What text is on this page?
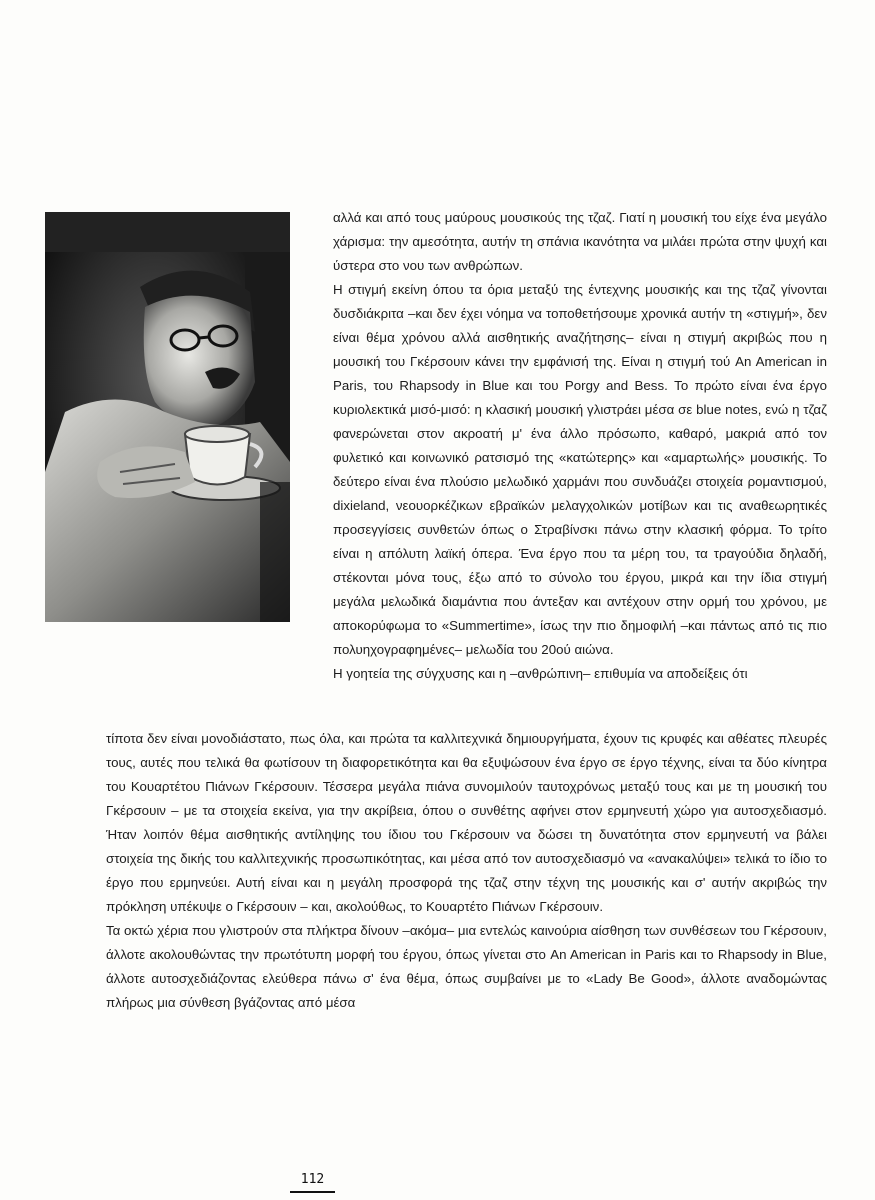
αλλά και από τους μαύρους μουσικούς της τζαζ. Γιατί η μουσική του είχε ένα μεγάλο χάρισμα: την αμεσότητα, αυτήν τη σπάνια ικανότητα να μιλάει πρώτα στην ψυχή και ύστερα στο νου των ανθρώπων.

Η στιγμή εκείνη όπου τα όρια μεταξύ της έντεχνης μουσικής και της τζαζ γίνονται δυσδιάκριτα –και δεν έχει νόημα να τοποθετήσουμε χρονικά αυτήν τη «στιγμή», δεν είναι θέμα χρόνου αλλά αισθητικής αναζήτησης– είναι η στιγμή ακριβώς που η μουσική του Γκέρσουιν κάνει την εμφάνισή της. Είναι η στιγμή τού An American in Paris, του Rhapsody in Blue και του Porgy and Bess. Το πρώτο είναι ένα έργο κυριολεκτικά μισό-μισό: η κλασική μουσική γλιστράει μέσα σε blue notes, ενώ η τζαζ φανερώνεται στον ακροατή μ' ένα άλλο πρόσωπο, καθαρό, μακριά από τον φυλετικό και κοινωνικό ρατσισμό της «κατώτερης» και «αμαρτωλής» μουσικής. Το δεύτερο είναι ένα πλούσιο μελωδικό χαρμάνι που συνδυάζει στοιχεία ρομαντισμού, dixieland, νεουορκέζικων εβραϊκών μελαγχολικών μοτίβων και τις αναθεωρητικές προσεγγίσεις συνθετών όπως ο Στραβίνσκι πάνω στην κλασική φόρμα. Το τρίτο είναι η απόλυτη λαϊκή όπερα. Ένα έργο που τα μέρη του, τα τραγούδια δηλαδή, στέκονται μόνα τους, έξω από το σύνολο του έργου, μικρά και την ίδια στιγμή μεγάλα μελωδικά διαμάντια που άντεξαν και αντέχουν στην ορμή του χρόνου, με αποκορύφωμα το «Summertime», ίσως την πιο δημοφιλή –και πάντως από τις πιο πολυηχογραφημένες– μελωδία του 20ού αιώνα.

Η γοητεία της σύγχυσης και η –ανθρώπινη– επιθυμία να αποδείξεις ότι

τίποτα δεν είναι μονοδιάστατο, πως όλα, και πρώτα τα καλλιτεχνικά δημιουργήματα, έχουν τις κρυφές και αθέατες πλευρές τους, αυτές που τελικά θα φωτίσουν τη διαφορετικότητα και θα εξυψώσουν ένα έργο σε έργο τέχνης, είναι τα δύο κίνητρα του Κουαρτέτου Πιάνων Γκέρσουιν. Τέσσερα μεγάλα πιάνα συνομιλούν ταυτοχρόνως μεταξύ τους και με τη μουσική του Γκέρσουιν – με τα στοιχεία εκείνα, για την ακρίβεια, όπου ο συνθέτης αφήνει στον ερμηνευτή χώρο για αυτοσχεδιασμό. Ήταν λοιπόν θέμα αισθητικής αντίληψης του ίδιου του Γκέρσουιν να δώσει τη δυνατότητα στον ερμηνευτή να βάλει στοιχεία της δικής του καλλιτεχνικής προσωπικότητας, και μέσα από τον αυτοσχεδιασμό να «ανακαλύψει» τελικά το ίδιο το έργο που ερμηνεύει. Αυτή είναι και η μεγάλη προσφορά της τζαζ στην τέχνη της μουσικής και σ' αυτήν ακριβώς την πρόκληση υπέκυψε ο Γκέρσουιν – και, ακολούθως, το Κουαρτέτο Πιάνων Γκέρσουιν.

Τα οκτώ χέρια που γλιστρούν στα πλήκτρα δίνουν –ακόμα– μια εντελώς καινούρια αίσθηση των συνθέσεων του Γκέρσουιν, άλλοτε ακολουθώντας την πρωτότυπη μορφή του έργου, όπως γίνεται στο An American in Paris και το Rhapsody in Blue, άλλοτε αυτοσχεδιάζοντας ελεύθερα πάνω σ' ένα θέμα, όπως συμβαίνει με το «Lady Be Good», άλλοτε αναδομώντας πλήρως μια σύνθεση βγάζοντας από μέσα

112
